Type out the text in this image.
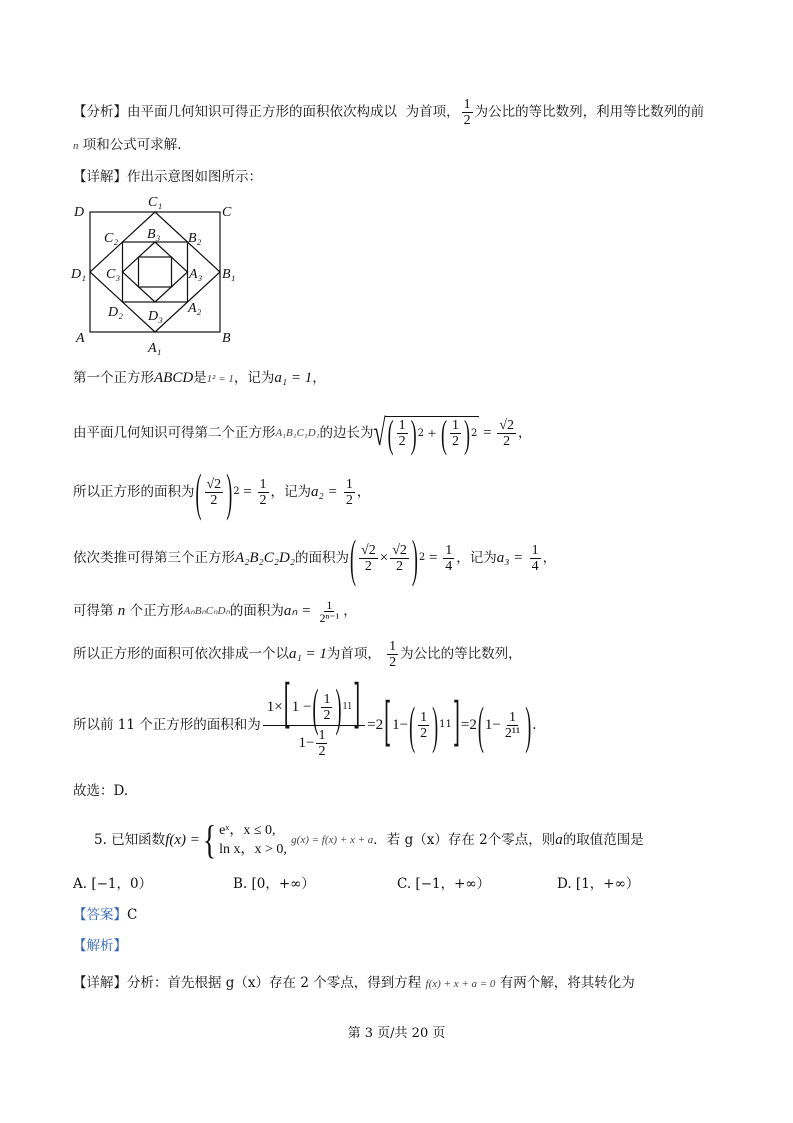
【分析】由平面几何知识可得正方形的面积依次构成以 为首项， $\frac{1}{2}$ 为公比的等比数列，利用等比数列的前
n 项和公式可求解.
【详解】作出示意图如图所示：
D
C₁
C
C₂ B₃ B₂
D₁ C₃	A₃ B₁
D₂ D₃
A₂
A
A₁
B
第一个正方形ABCD是1² = 1，记为a₁ = 1，
由平面几何知识可得第二个正方形 A₁B₁C₁D₁ 的边长为 √ ( $\frac{1}{2}$ ) 2 + ( $\frac{1}{2}$ ) $2 = \frac{√2}{2}$ ，
所以正方形的面积为 ( $\frac{√2}{2}$ ) $2 = \frac{1}{2}$ ，记为 a₂ =
$\frac{1}{2}$ ，
依次类推可得第三个正方形 A₂B₂C₂D₂ 的面积为 ( $\frac{√2}{2} \times \frac{√2}{2}$ ) $2 = \frac{1}{4}$ ，记为 a₃ =
$\frac{1}{4}$ ，
可得第
n
个正方形 AₙBₙCₙDₙ 的面积为 aₙ =
$\frac{1}{\text{2ⁿ⁻¹}}$ ，
所以正方形的面积可依次排成一个以 a₁ = 1 为首项，
$\frac{1}{2}$ 为公比的等比数列，
所以前 11 个正方形的面积和为 1× [ 1
− ( $\frac{1}{2}$ ) 11 ]
$1 - \frac{1}{2} = 2$ [ 1 − ( $\frac{1}{2}$ ) 11 ] = 2 ( $1 - \frac{1}{\text{2¹¹}}$ ) .
故选：D.
5.
已知函数 f(x) = { eˣ，x ≤ 0,
ln x，x > 0,

g(x) = f(x) + x + a ．若 g（x）存在 2个零点，则 a 的取值范围是
A. [−1，0）	B. [0，+∞）	C. [−1，+∞）	D. [1，+∞）
【答案】C
【解析】
【详解】分析：首先根据 g（x）存在 2 个零点，得到方程 f(x) + x + a = 0 有两个解，将其转化为
第 3 页/共 20 页
